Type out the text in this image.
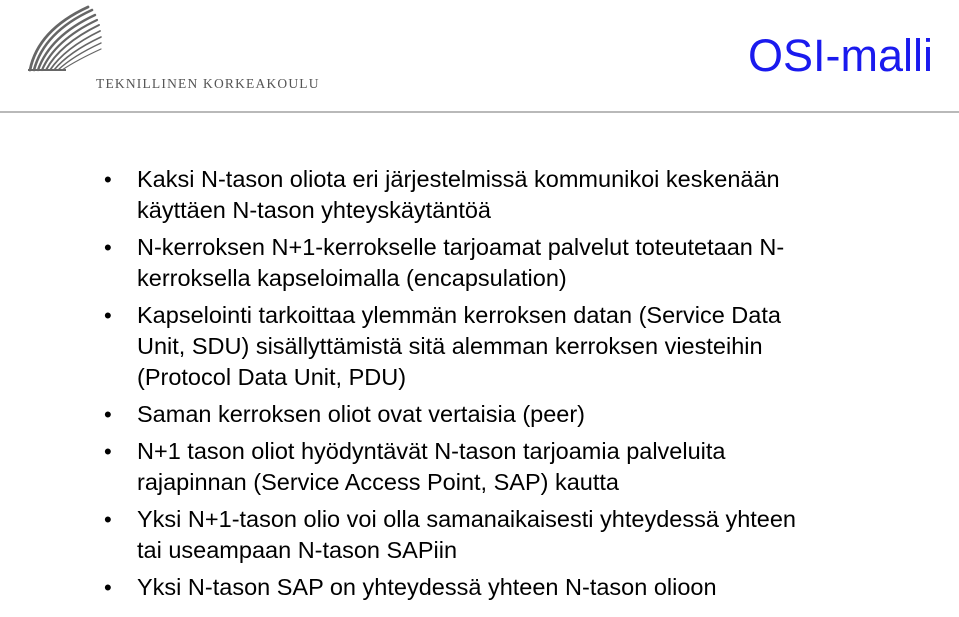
TEKNILLINEN KORKEAKOULU
OSI-malli
• Kaksi N-tason oliota eri järjestelmissä kommunikoi keskenään
käyttäen N-tason yhteyskäytäntöä
• N-kerroksen N+1-kerrokselle tarjoamat palvelut toteutetaan N-
kerroksella kapseloimalla (encapsulation)
• Kapselointi tarkoittaa ylemmän kerroksen datan (Service Data
Unit, SDU) sisällyttämistä sitä alemman kerroksen viesteihin
(Protocol Data Unit, PDU)
• Saman kerroksen oliot ovat vertaisia (peer)
• N+1 tason oliot hyödyntävät N-tason tarjoamia palveluita
rajapinnan (Service Access Point, SAP) kautta
• Yksi N+1-tason olio voi olla samanaikaisesti yhteydessä yhteen
tai useampaan N-tason SAPiin
• Yksi N-tason SAP on yhteydessä yhteen N-tason olioon
